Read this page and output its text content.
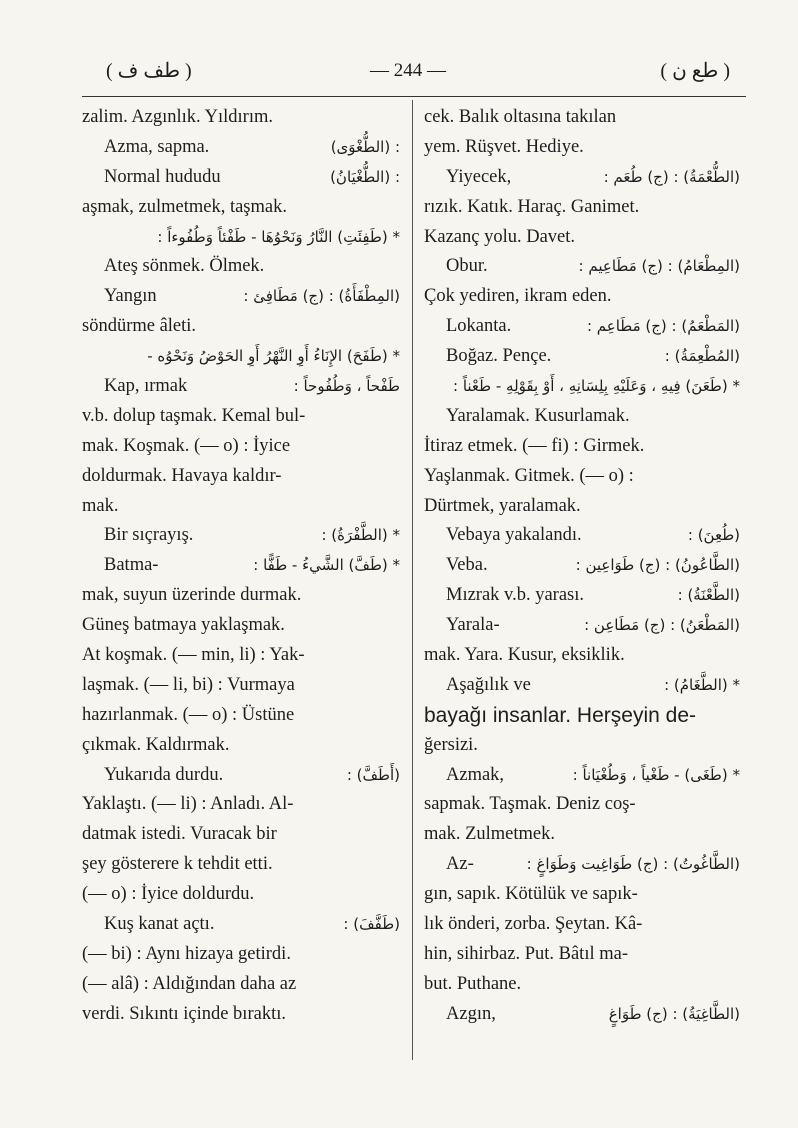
( طف ف )	— 244 —	( طع ن )
zalim. Azgınlık. Yıldırım.
Azma, sapma.	: (الطُّغْوَى)
Normal hududu	: (الطُّغْيَانُ)
aşmak, zulmetmek, taşmak.
* (طَفِئَتِ) النَّارُ وَنَحْوُهَا - طَفْئاً وَطُفُوءاً :
Ateş sönmek. Ölmek.
Yangın	(المِطْفَأَةُ) : (ج) مَطَافِئ :
söndürme âleti.
* (طَفَحَ) الإِنَاءُ أَوِ النَّهْرُ أَوِ الحَوْضُ وَنَحْوُه -
Kap, ırmak	طَفْحاً ، وَطُفُوحاً :
v.b. dolup taşmak. Kemal bul-
mak. Koşmak. (— o) : İyice
doldurmak. Havaya kaldır-
mak.
Bir sıçrayış.	* (الطَّفْرَةُ) :
Batma-	* (طَفَّ) الشَّيءُ - طَفًّا :
mak, suyun üzerinde durmak.
Güneş batmaya yaklaşmak.
At koşmak. (— min, li) : Yak-
laşmak. (— li, bi) : Vurmaya
hazırlanmak. (— o) : Üstüne
çıkmak. Kaldırmak.
Yukarıda durdu.	(أَطَفَّ) :
Yaklaştı. (— li) : Anladı. Al-
datmak istedi. Vuracak bir
şey gösterere k tehdit etti.
(— o) : İyice doldurdu.
Kuş kanat açtı.	(طَفَّفَ) :
(— bi) : Aynı hizaya getirdi.
(— alâ) : Aldığından daha az
verdi. Sıkıntı içinde bıraktı.
cek. Balık oltasına takılan
yem. Rüşvet. Hediye.
Yiyecek,	(الطُّعْمَةُ) : (ج) طُعَم :
rızık. Katık. Haraç. Ganimet.
Kazanç yolu. Davet.
Obur.	(المِطْعَامُ) : (ج) مَطَاعِيم :
Çok yediren, ikram eden.
Lokanta.	(المَطْعَمُ) : (ج) مَطَاعِم :
Boğaz. Pençe.	(المُطْعِمَةُ) :
* (طَعَنَ) فِيهِ ، وَعَلَيْهِ بِلِسَانِهِ ، أَوْ بِقَوْلِهِ - طَعْناً :
Yaralamak. Kusurlamak.
İtiraz etmek. (— fi) : Girmek.
Yaşlanmak. Gitmek. (— o) :
Dürtmek, yaralamak.
Vebaya yakalandı.	(طُعِنَ) :
Veba.	(الطَّاعُونُ) : (ج) طَوَاعِين :
Mızrak v.b. yarası.	(الطَّعْنَةُ) :
Yarala-	(المَطْعَنُ) : (ج) مَطَاعِن :
mak. Yara. Kusur, eksiklik.
Aşağılık ve	* (الطَّغَامُ) :
bayağı insanlar. Herşeyin de-
ğersizi.
Azmak,	* (طَغَى) - طَغْياً ، وَطُغْيَاناً :
sapmak. Taşmak. Deniz coş-
mak. Zulmetmek.
Az-	(الطَّاغُوتُ) : (ج) طَوَاغِيت وَطَوَاغٍ :
gın, sapık. Kötülük ve sapık-
lık önderi, zorba. Şeytan. Kâ-
hin, sihirbaz. Put. Bâtıl ma-
but. Puthane.
Azgın,	(الطَّاغِيَةُ) : (ج) طَوَاغٍ
